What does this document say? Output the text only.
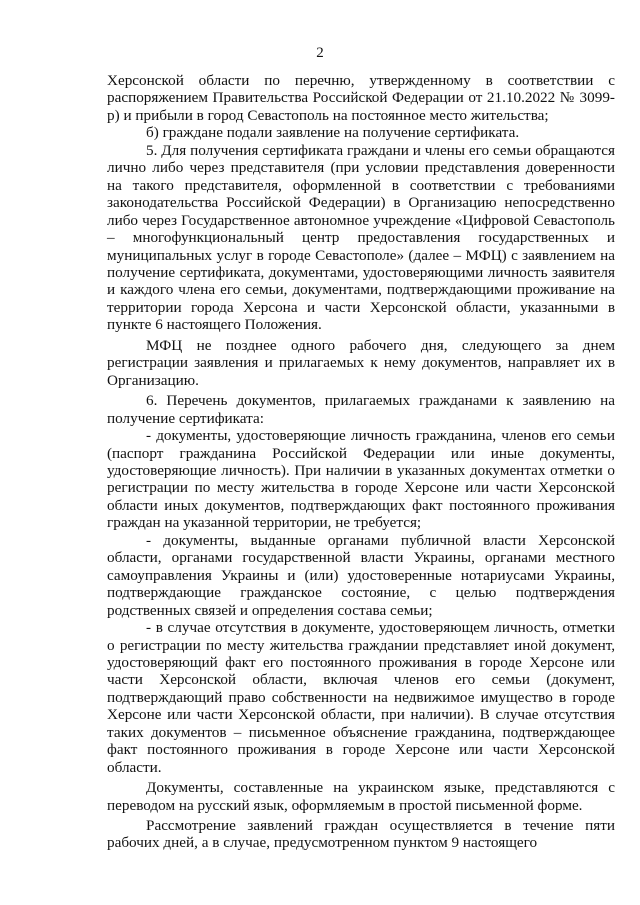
2

Херсонской области по перечню, утвержденному в соответствии с распоряжением Правительства Российской Федерации от 21.10.2022 № 3099-р) и прибыли в город Севастополь на постоянное место жительства;

б) граждане подали заявление на получение сертификата.

5. Для получения сертификата граждани и члены его семьи обращаются лично либо через представителя (при условии представления доверенности на такого представителя, оформленной в соответствии с требованиями законодательства Российской Федерации) в Организацию непосредственно либо через Государственное автономное учреждение «Цифровой Севастополь – многофункциональный центр предоставления государственных и муниципальных услуг в городе Севастополе» (далее – МФЦ) с заявлением на получение сертификата, документами, удостоверяющими личность заявителя и каждого члена его семьи, документами, подтверждающими проживание на территории города Херсона и части Херсонской области, указанными в пункте 6 настоящего Положения.

МФЦ не позднее одного рабочего дня, следующего за днем регистрации заявления и прилагаемых к нему документов, направляет их в Организацию.

6. Перечень документов, прилагаемых гражданами к заявлению на получение сертификата:

- документы, удостоверяющие личность гражданина, членов его семьи (паспорт гражданина Российской Федерации или иные документы, удостоверяющие личность). При наличии в указанных документах отметки о регистрации по месту жительства в городе Херсоне или части Херсонской области иных документов, подтверждающих факт постоянного проживания граждан на указанной территории, не требуется;

- документы, выданные органами публичной власти Херсонской области, органами государственной власти Украины, органами местного самоуправления Украины и (или) удостоверенные нотариусами Украины, подтверждающие гражданское состояние, с целью подтверждения родственных связей и определения состава семьи;

- в случае отсутствия в документе, удостоверяющем личность, отметки о регистрации по месту жительства граждании представляет иной документ, удостоверяющий факт его постоянного проживания в городе Херсоне или части Херсонской области, включая членов его семьи (документ, подтверждающий право собственности на недвижимое имущество в городе Херсоне или части Херсонской области, при наличии). В случае отсутствия таких документов – письменное объяснение гражданина, подтверждающее факт постоянного проживания в городе Херсоне или части Херсонской области.

Документы, составленные на украинском языке, представляются с переводом на русский язык, оформляемым в простой письменной форме.

Рассмотрение заявлений граждан осуществляется в течение пяти рабочих дней, а в случае, предусмотренном пунктом 9 настоящего
